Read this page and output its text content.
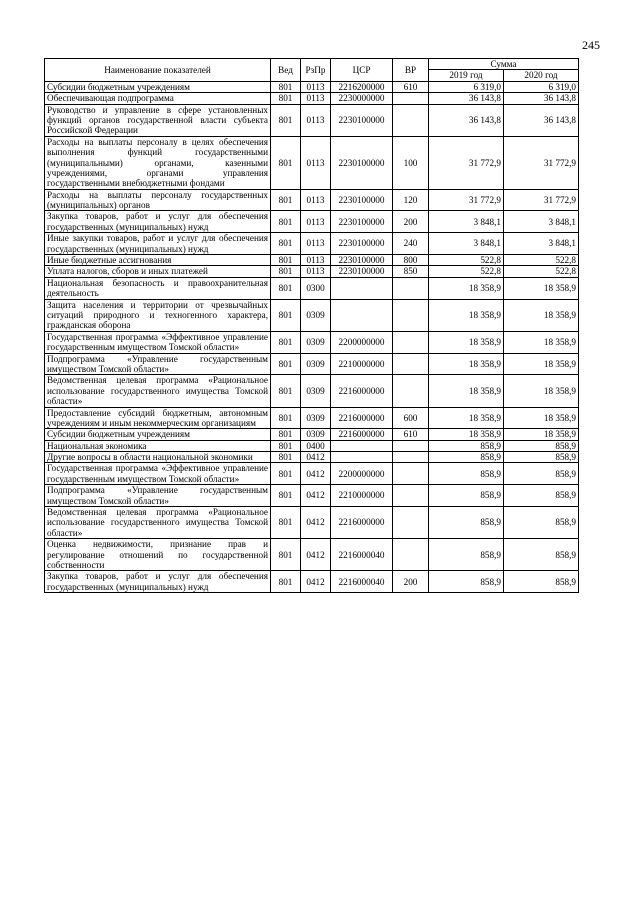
245
Наименование показателей	Вед	РзПр	ЦСР	ВР	Сумма	
					2019 год	2020 год
Субсидии бюджетным учреждениям	801	0113	2216200000	610	6 319,0	6 319,0
Обеспечивающая подпрограмма	801	0113	2230000000		36 143,8	36 143,8
Руководство и управление в сфере установленных функций органов государственной власти субъекта Российской Федерации	801	0113	2230100000		36 143,8	36 143,8
Расходы на выплаты персоналу в целях обеспечения выполнения функций государственными (муниципальными) органами, казенными учреждениями, органами управления государственными внебюджетными фондами	801	0113	2230100000	100	31 772,9	31 772,9
Расходы на выплаты персоналу государственных (муниципальных) органов	801	0113	2230100000	120	31 772,9	31 772,9
Закупка товаров, работ и услуг для обеспечения государственных (муниципальных) нужд	801	0113	2230100000	200	3 848,1	3 848,1
Иные закупки товаров, работ и услуг для обеспечения государственных (муниципальных) нужд	801	0113	2230100000	240	3 848,1	3 848,1
Иные бюджетные ассигнования	801	0113	2230100000	800	522,8	522,8
Уплата налогов, сборов и иных платежей	801	0113	2230100000	850	522,8	522,8
Национальная безопасность и правоохранительная деятельность	801	0300			18 358,9	18 358,9
Защита населения и территории от чрезвычайных ситуаций природного и техногенного характера, гражданская оборона	801	0309			18 358,9	18 358,9
Государственная программа «Эффективное управление государственным имуществом Томской области»	801	0309	2200000000		18 358,9	18 358,9
Подпрограмма «Управление государственным имуществом Томской области»	801	0309	2210000000		18 358,9	18 358,9
Ведомственная целевая программа «Рациональное использование государственного имущества Томской области»	801	0309	2216000000		18 358,9	18 358,9
Предоставление субсидий бюджетным, автономным учреждениям и иным некоммерческим организациям	801	0309	2216000000	600	18 358,9	18 358,9
Субсидии бюджетным учреждениям	801	0309	2216000000	610	18 358,9	18 358,9
Национальная экономика	801	0400			858,9	858,9
Другие вопросы в области национальной экономики	801	0412			858,9	858,9
Государственная программа «Эффективное управление государственным имуществом Томской области»	801	0412	2200000000		858,9	858,9
Подпрограмма «Управление государственным имуществом Томской области»	801	0412	2210000000		858,9	858,9
Ведомственная целевая программа «Рациональное использование государственного имущества Томской области»	801	0412	2216000000		858,9	858,9
Оценка недвижимости, признание прав и регулирование отношений по государственной собственности	801	0412	2216000040		858,9	858,9
Закупка товаров, работ и услуг для обеспечения государственных (муниципальных) нужд	801	0412	2216000040	200	858,9	858,9
